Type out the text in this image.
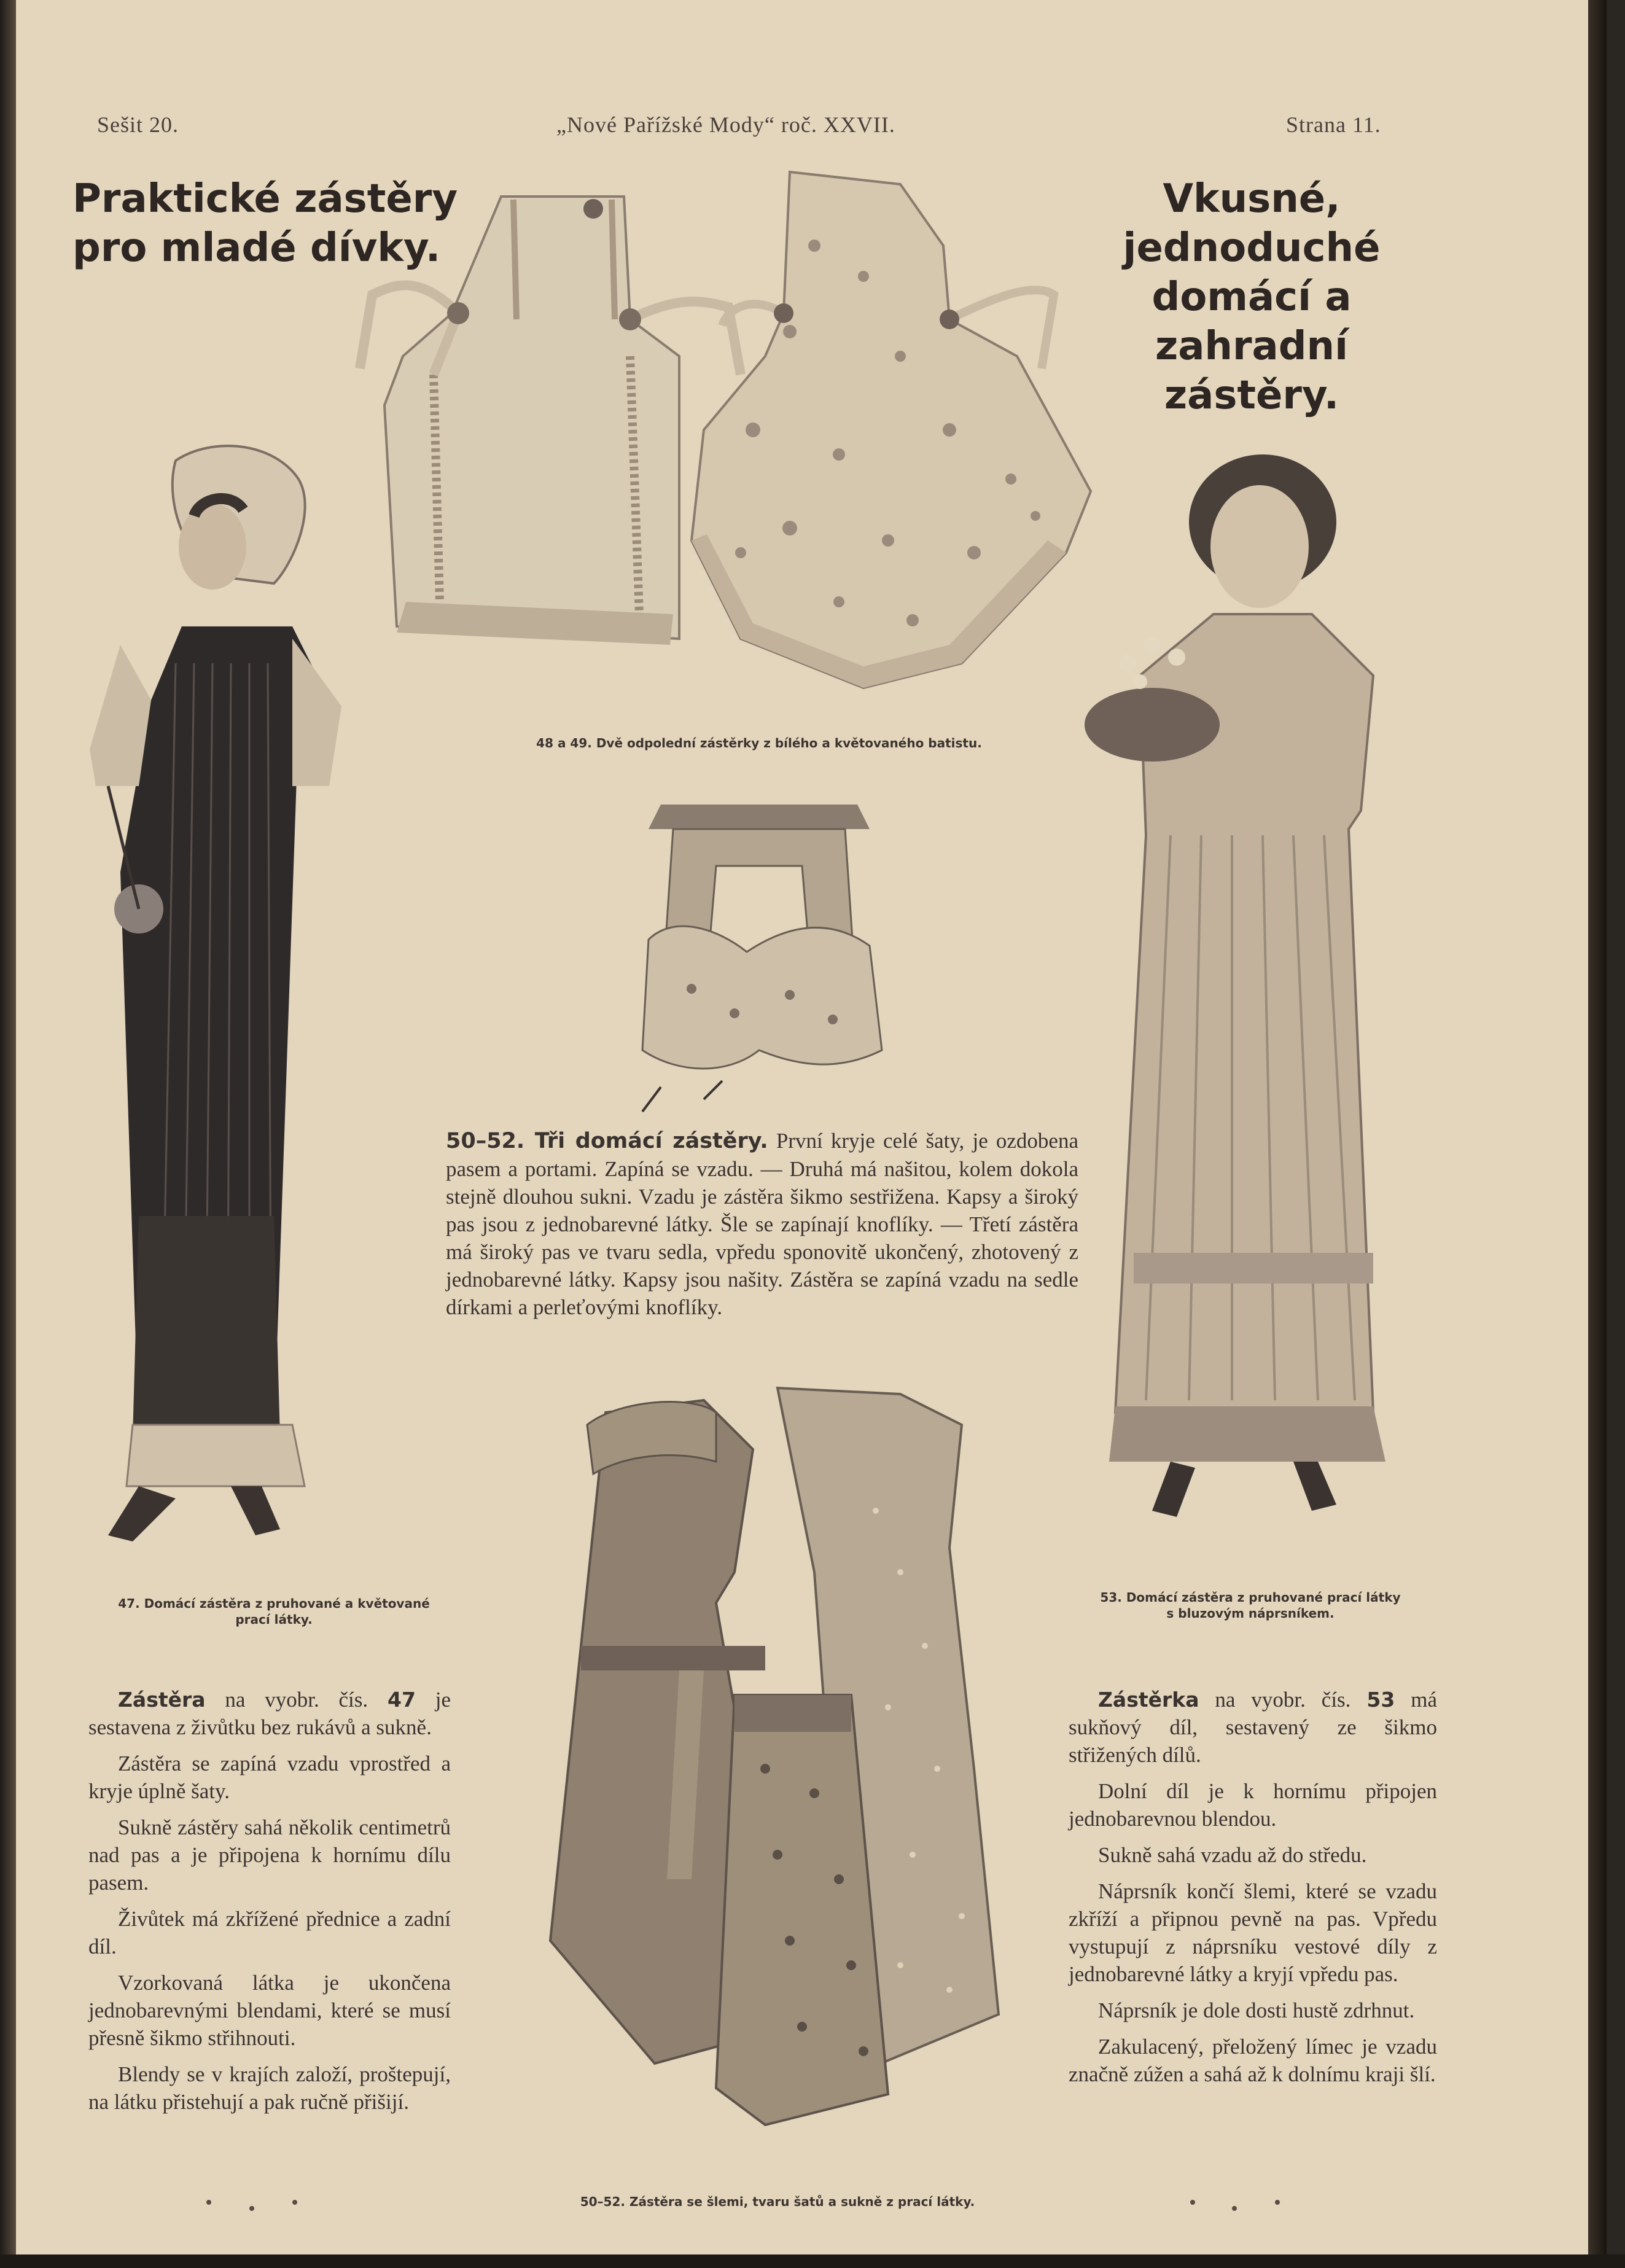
Sešit 20.	„Nové Pařížské Mody“ roč. XXVII.	Strana 11.
Praktické zástěry
pro mladé dívky.
Vkusné, jednoduché
domácí a zahradní
zástěry.
48 a 49. Dvě odpolední zástěrky z bílého a květovaného batistu.
47. Domácí zástěra z pruhované a květované
prací látky.
50–52. Tři domácí zástěry. První kryje celé šaty, je ozdobena pasem a portami. Zapíná se vzadu. — Druhá má našitou, kolem dokola stejně dlouhou sukni. Vzadu je zástěra šikmo sestřižena. Kapsy a široký pas jsou z jednobarevné látky. Šle se zapínají knoflíky. — Třetí zástěra má široký pas ve tvaru sedla, vpředu sponovitě ukončený, zhotovený z jednobarevné látky. Kapsy jsou našity. Zástěra se zapíná vzadu na sedle dírkami a perleťovými knoflíky.
53. Domácí zástěra z pruhované prací látky
s bluzovým náprsníkem.
50–52. Zástěra se šlemi, tvaru šatů a sukně z prací látky.

Zástěra na vyobr. čís. 47 je sestavena z živůtku bez rukávů a sukně.

Zástěra se zapíná vzadu vprostřed a kryje úplně šaty.

Sukně zástěry sahá několik centimetrů nad pas a je připojena k hornímu dílu pasem.

Živůtek má zkřížené přednice a zadní díl.

Vzorkovaná látka je ukončena jednobarevnými blendami, které se musí přesně šikmo střihnouti.

Blendy se v krajích založí, proštepují, na látku přistehují a pak ručně přišijí.

Zástěrka na vyobr. čís. 53 má sukňový díl, sestavený ze šikmo střižených dílů.

Dolní díl je k hornímu připojen jednobarevnou blendou.

Sukně sahá vzadu až do středu.

Náprsník končí šlemi, které se vzadu zkříží a připnou pevně na pas. Vpředu vystupují z náprsníku vestové díly z jednobarevné látky a kryjí vpředu pas.

Náprsník je dole dosti hustě zdrhnut.

Zakulacený, přeložený límec je vzadu značně zúžen a sahá až k dolnímu kraji šlí.
